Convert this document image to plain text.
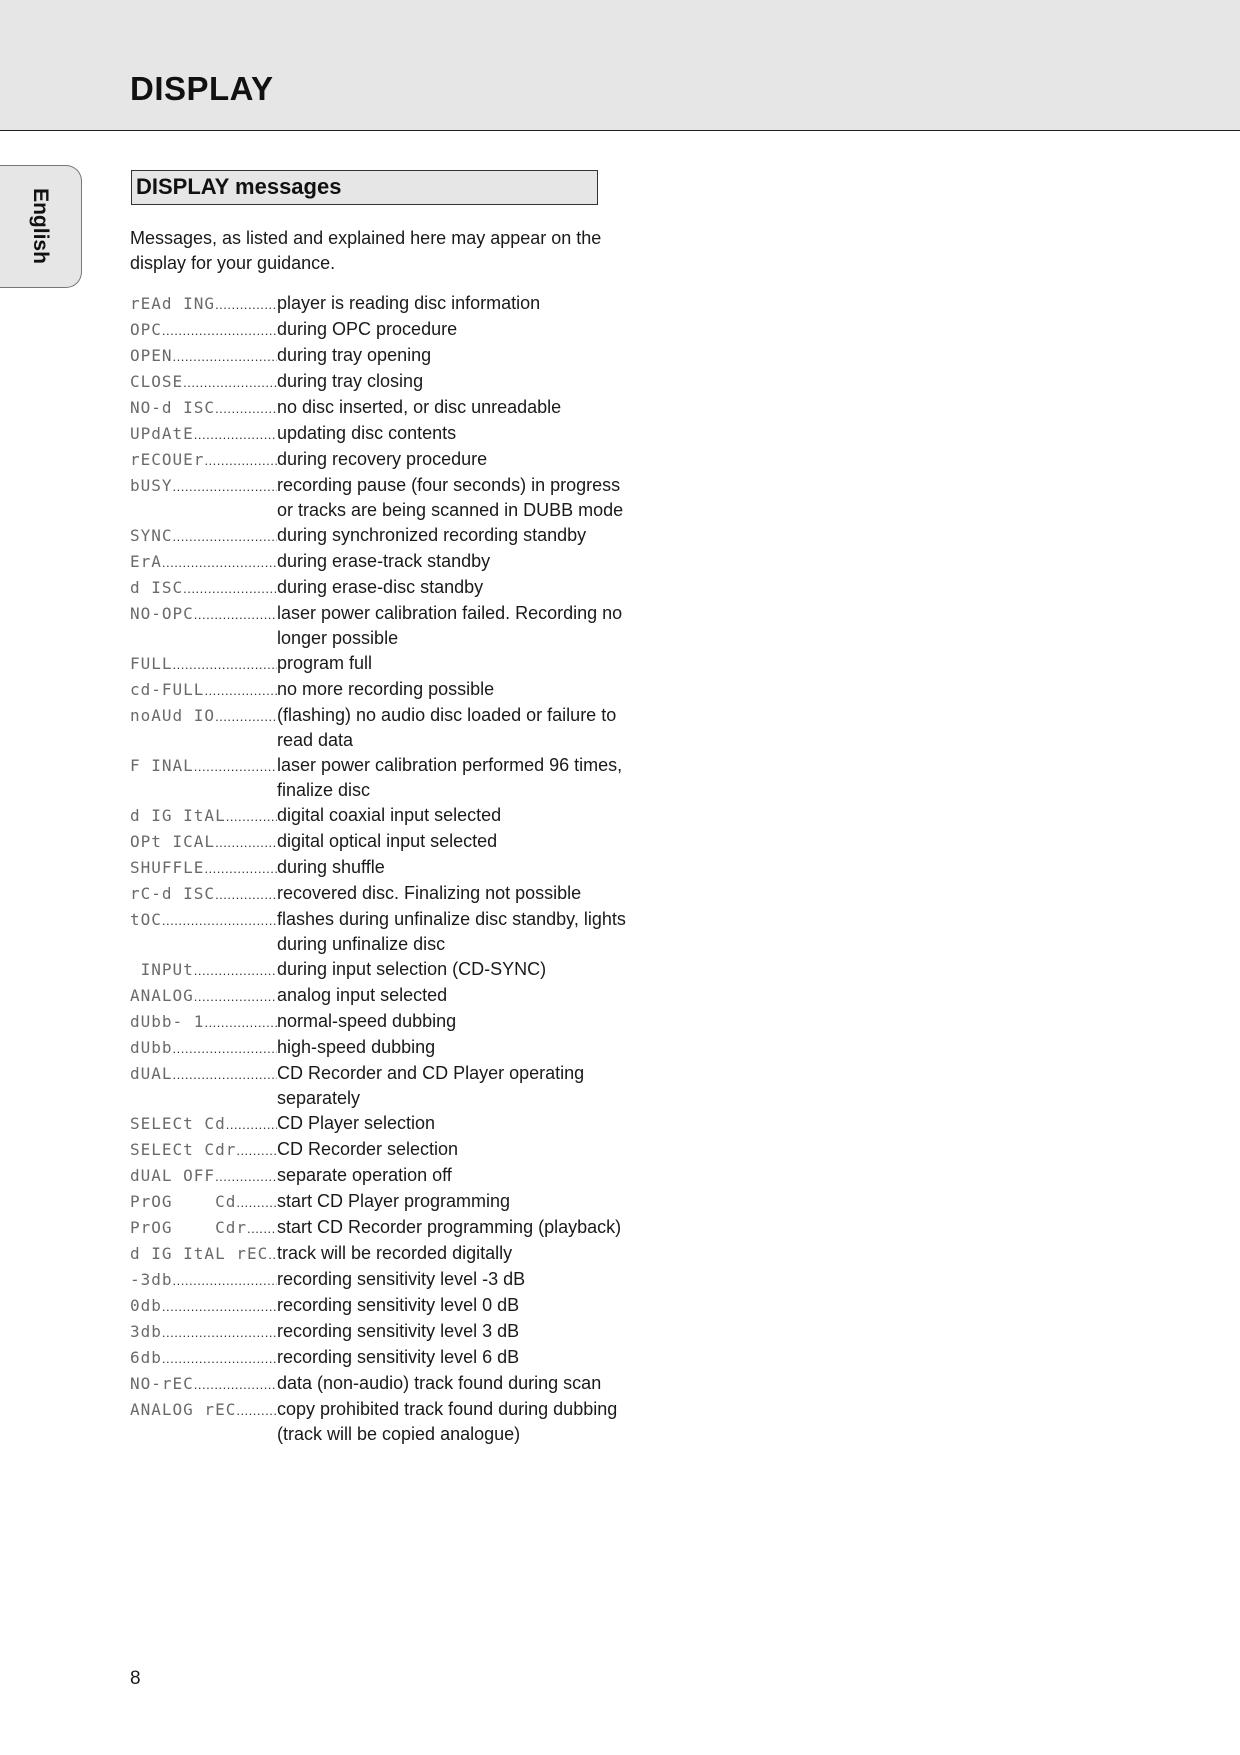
DISPLAY
English
DISPLAY messages

Messages, as listed and explained here may appear on the display for your guidance.

rEAd ING .....	player is reading disc information
OPC .....	during OPC procedure
OPEN .....	during tray opening
CLOSE .....	during tray closing
NO-d ISC .....	no disc inserted, or disc unreadable
UPdAtE .....	updating disc contents
rECOUEr .....	during recovery procedure
bUSY .....	recording pause (four seconds) in progress or tracks are being scanned in DUBB mode
SYNC .....	during synchronized recording standby
ErA .....	during erase-track standby
d ISC .....	during erase-disc standby
NO-OPC .....	laser power calibration failed. Recording no longer possible
FULL .....	program full
cd-FULL .....	no more recording possible
noAUd IO .....	(flashing) no audio disc loaded or failure to read data
F INAL .....	laser power calibration performed 96 times, finalize disc
d IG ItAL .....	digital coaxial input selected
OPt ICAL .....	digital optical input selected
SHUFFLE .....	during shuffle
rC-d ISC .....	recovered disc. Finalizing not possible
tOC .....	flashes during unfinalize disc standby, lights during unfinalize disc
INPUt .....	during input selection (CD-SYNC)
ANALOG .....	analog input selected
dUbb- 1 .....	normal-speed dubbing
dUbb .....	high-speed dubbing
dUAL .....	CD Recorder and CD Player operating separately
SELECt Cd .....	CD Player selection
SELECt Cdr ..... CD Recorder selection
dUAL OFF .....	separate operation off
PrOG    Cd ..... start CD Player programming
PrOG    Cdr ..... start CD Recorder programming (playback)
d IG ItAL rEC ..... track will be recorded digitally
-3db .....	recording sensitivity level -3 dB
0db .....	recording sensitivity level 0 dB
3db .....	recording sensitivity level 3 dB
6db .....	recording sensitivity level 6 dB
NO-rEC .....	data (non-audio) track found during scan
ANALOG rEC ..... copy prohibited track found during dubbing (track will be copied analogue)
8
